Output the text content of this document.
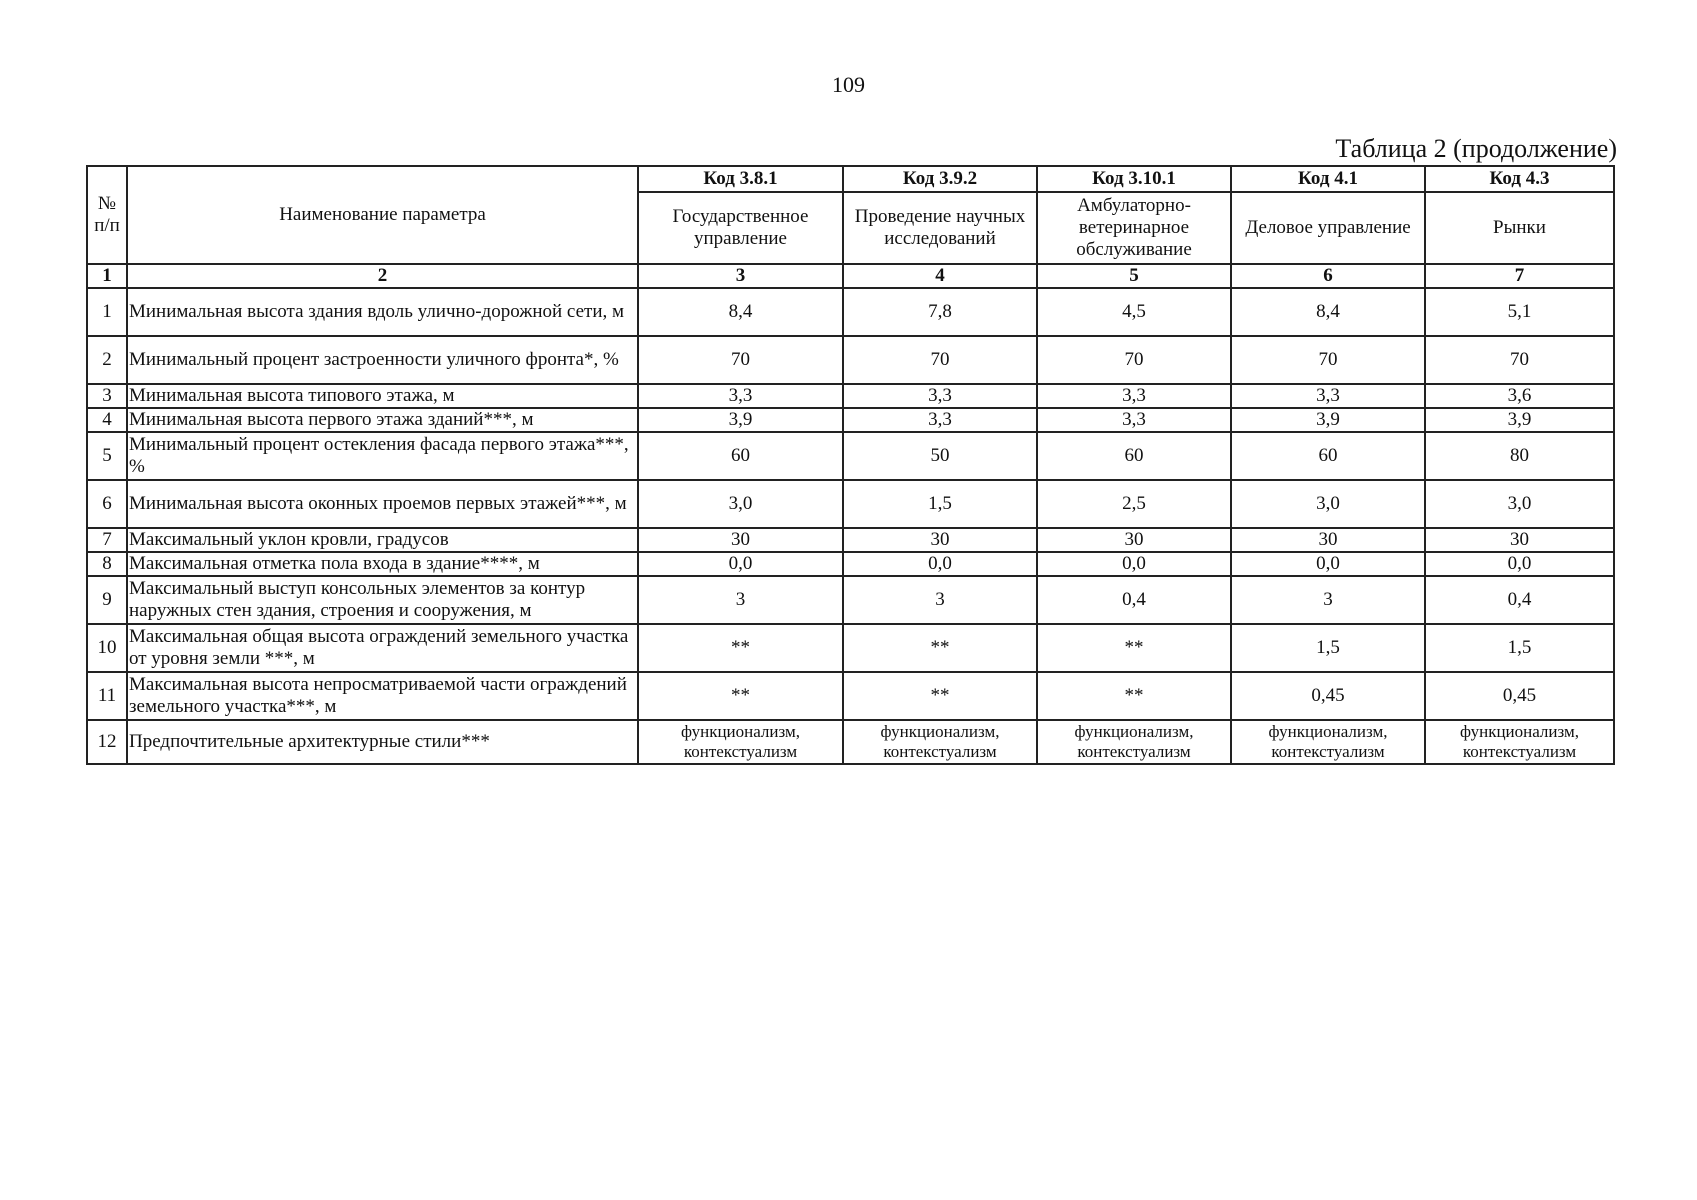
109
Таблица 2 (продолжение)
№ п/п	Наименование параметра	Код 3.8.1	Код 3.9.2	Код 3.10.1	Код 4.1	Код 4.3
		Государственное управление	Проведение научных исследований	Амбулаторно-ветеринарное обслуживание	Деловое управление	Рынки
1	2	3	4	5	6	7
1	Минимальная высота здания вдоль улично-дорожной сети, м	8,4	7,8	4,5	8,4	5,1
2	Минимальный процент застроенности уличного фронта*, %	70	70	70	70	70
3	Минимальная высота типового этажа, м	3,3	3,3	3,3	3,3	3,6
4	Минимальная высота первого этажа зданий***, м	3,9	3,3	3,3	3,9	3,9
5	Минимальный процент остекления фасада первого этажа***, %	60	50	60	60	80
6	Минимальная высота оконных проемов первых этажей***, м	3,0	1,5	2,5	3,0	3,0
7	Максимальный уклон кровли, градусов	30	30	30	30	30
8	Максимальная отметка пола входа в здание****, м	0,0	0,0	0,0	0,0	0,0
9	Максимальный выступ консольных элементов за контур наружных стен здания, строения и сооружения, м	3	3	0,4	3	0,4
10	Максимальная общая высота ограждений земельного участка от уровня земли ***, м	**	**	**	1,5	1,5
11	Максимальная высота непросматриваемой части ограждений земельного участка***, м	**	**	**	0,45	0,45
12	Предпочтительные архитектурные стили***	функционализм, контекстуализм	функционализм, контекстуализм	функционализм, контекстуализм	функционализм, контекстуализм	функционализм, контекстуализм
